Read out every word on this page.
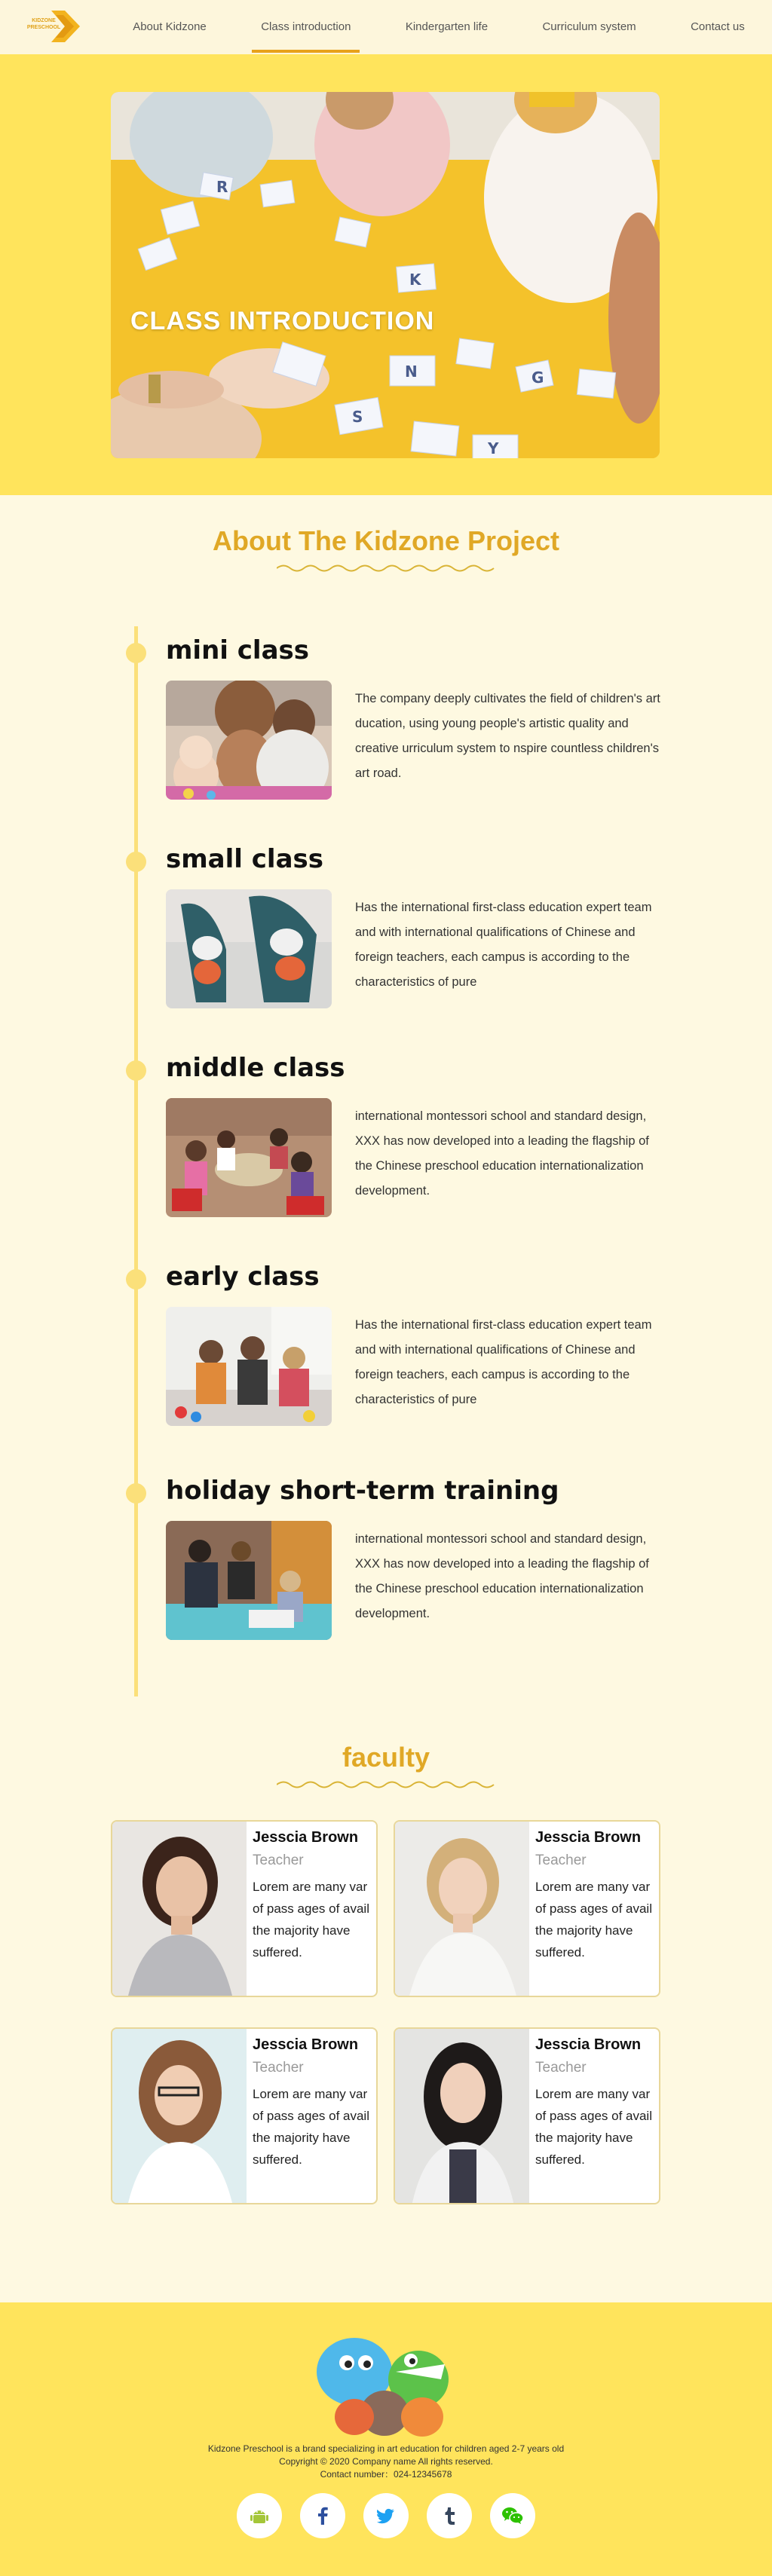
KIDZONE
PRESCHOOL	About Kidzone	Class introduction	Kindergarten life	Curriculum system	Contact us
R
K
N	G
S
Y
CLASS INTRODUCTION
About The Kidzone Project
mini class
The company deeply cultivates the field of children's art ducation, using young people's artistic quality and creative urriculum system to nspire countless children's art road.
small class
Has the international first-class education expert team and with international qualifications of Chinese and foreign teachers, each campus is according to the characteristics of pure
middle class
international montessori school and standard design, XXX has now developed into a leading the flagship of the Chinese preschool education internationalization development.
early class
Has the international first-class education expert team and with international qualifications of Chinese and foreign teachers, each campus is according to the characteristics of pure
holiday short-term training
international montessori school and standard design, XXX has now developed into a leading the flagship of the Chinese preschool education internationalization development.
faculty
Jesscia Brown
Teacher
Lorem are many var of pass ages of avail the majority have suffered.
Jesscia Brown
Teacher
Lorem are many var of pass ages of avail the majority have suffered.
Jesscia Brown
Teacher
Lorem are many var of pass ages of avail the majority have suffered.
Jesscia Brown
Teacher
Lorem are many var of pass ages of avail the majority have suffered.
Kidzone Preschool is a brand specializing in art education for children aged 2-7 years old
Copyright © 2020 Company name All rights reserved.
Contact number：024-12345678
